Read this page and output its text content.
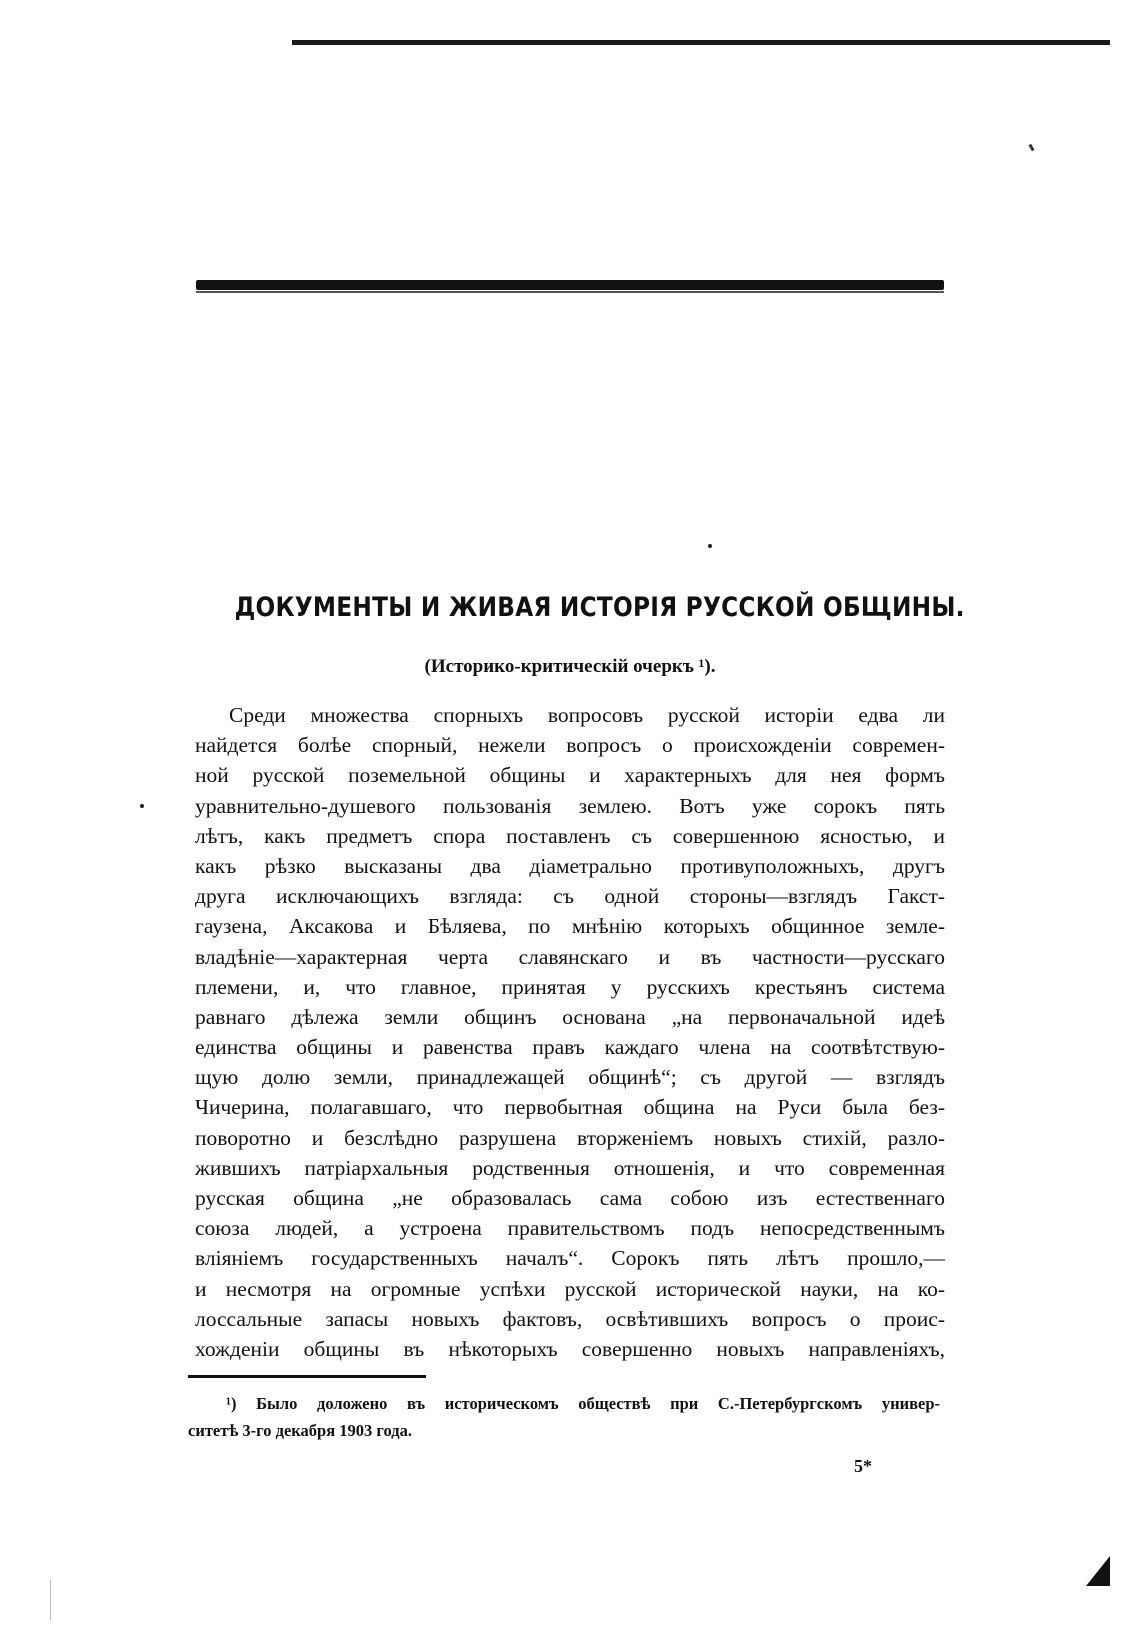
ДОКУМЕНТЫ И ЖИВАЯ ИСТОРІЯ РУССКОЙ ОБЩИНЫ.
(Историко-критическій очеркъ ¹).
Среди множества спорныхъ вопросовъ русской исторіи едва ли
найдется болѣе спорный, нежели вопросъ о происхожденіи современ-
ной русской поземельной общины и характерныхъ для нея формъ
уравнительно-душевого пользованія землею. Вотъ уже сорокъ пять
лѣтъ, какъ предметъ спора поставленъ съ совершенною ясностью, и
какъ рѣзко высказаны два діаметрально противуположныхъ, другъ
друга исключающихъ взгляда: съ одной стороны—взглядъ Гакст-
гаузена, Аксакова и Бѣляева, по мнѣнію которыхъ общинное земле-
владѣніе—характерная черта славянскаго и въ частности—русскаго
племени, и, что главное, принятая у русскихъ крестьянъ система
равнаго дѣлежа земли общинъ основана „на первоначальной идеѣ
единства общины и равенства правъ каждаго члена на соотвѣтствую-
щую долю земли, принадлежащей общинѣ“; съ другой — взглядъ
Чичерина, полагавшаго, что первобытная община на Руси была без-
поворотно и безслѣдно разрушена вторженіемъ новыхъ стихій, разло-
жившихъ патріархальныя родственныя отношенія, и что современная
русская община „не образовалась сама собою изъ естественнаго
союза людей, а устроена правительствомъ подъ непосредственнымъ
вліяніемъ государственныхъ началъ“. Сорокъ пять лѣтъ прошло,—
и несмотря на огромные успѣхи русской исторической науки, на ко-
лоссальные запасы новыхъ фактовъ, освѣтившихъ вопросъ о проис-
хожденіи общины въ нѣкоторыхъ совершенно новыхъ направленіяхъ,
¹) Было доложено въ историческомъ обществѣ при С.-Петербургскомъ универ-
ситетѣ 3-го декабря 1903 года.
5*
